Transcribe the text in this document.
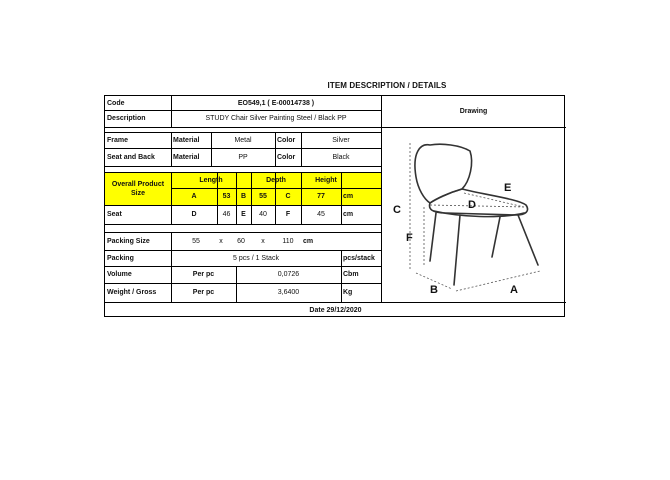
ITEM DESCRIPTION / DETAILS
Code	EO549,1 ( E-00014738 )
Description	STUDY Chair Silver Painting Steel / Black PP
Drawing
Frame	Material	Metal	Color	Silver
Seat and Back	Material	PP	Color	Black
Overall Product Size
Length	Depth	Height
A	53	B	55	C	77	cm
Seat	D	46	E	40	F	45	cm
Packing Size	55	x	60	x	110	cm
Packing	5 pcs / 1 Stack	pcs/stack
Volume	Per pc	0,0726	Cbm
Weight / Gross	Per pc	3,6400	Kg
Date 29/12/2020
C
F
D
E
B	A
